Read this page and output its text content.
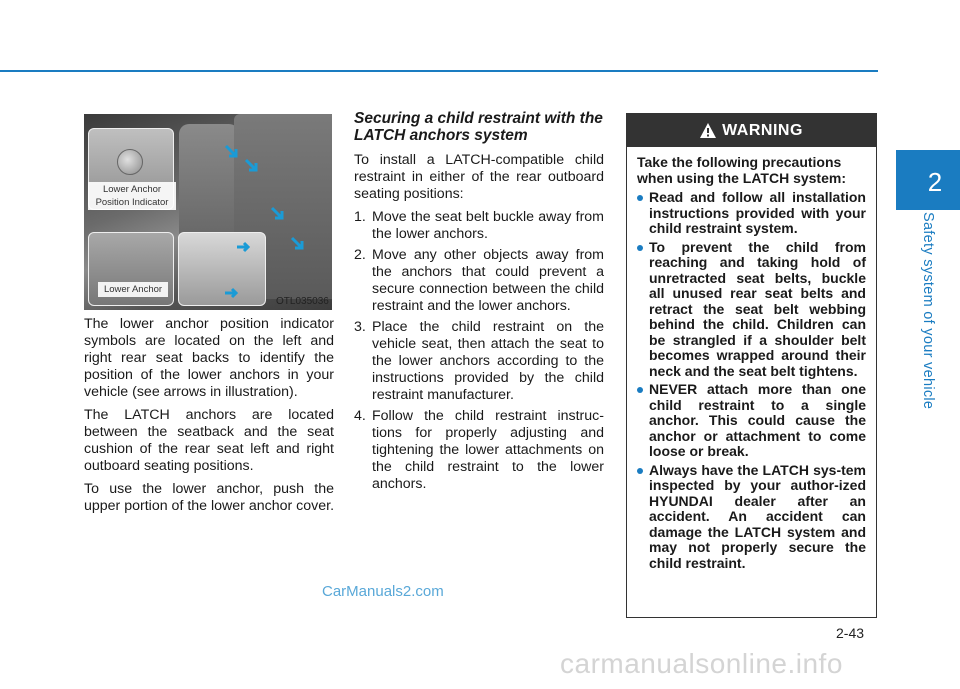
2
Safety system of your vehicle
Lower Anchor
Position Indicator
Lower Anchor
OTL035036

The lower anchor position indicator symbols are located on the left and right rear seat backs to identify the position of the lower anchors in your vehicle (see arrows in illustration).

The LATCH anchors are located between the seatback and the seat cushion of the rear seat left and right outboard seating positions.

To use the lower anchor, push the upper portion of the lower anchor cover.

Securing a child restraint with the LATCH anchors system

To install a LATCH-compatible child restraint in either of the rear outboard seating positions:

1. Move the seat belt buckle away from the lower anchors.
2. Move any other objects away from the anchors that could prevent a secure connection between the child restraint and the lower anchors.
3. Place the child restraint on the vehicle seat, then attach the seat to the lower anchors according to the instructions provided by the child restraint manufacturer.
4. Follow the child restraint instruc-tions for properly adjusting and tightening the lower attachments on the child restraint to the lower anchors.
WARNING
Take the following precautions when using the LATCH system:
Read and follow all installation instructions provided with your child restraint system.
To prevent the child from reaching and taking hold of unretracted seat belts, buckle all unused rear seat belts and retract the seat belt webbing behind the child. Children can be strangled if a shoulder belt becomes wrapped around their neck and the seat belt tightens.
NEVER attach more than one child restraint to a single anchor. This could cause the anchor or attachment to come loose or break.
Always have the LATCH sys-tem inspected by your author-ized HYUNDAI dealer after an accident. An accident can damage the LATCH system and may not properly secure the child restraint.
2-43
CarManuals2.com
carmanualsonline.info
